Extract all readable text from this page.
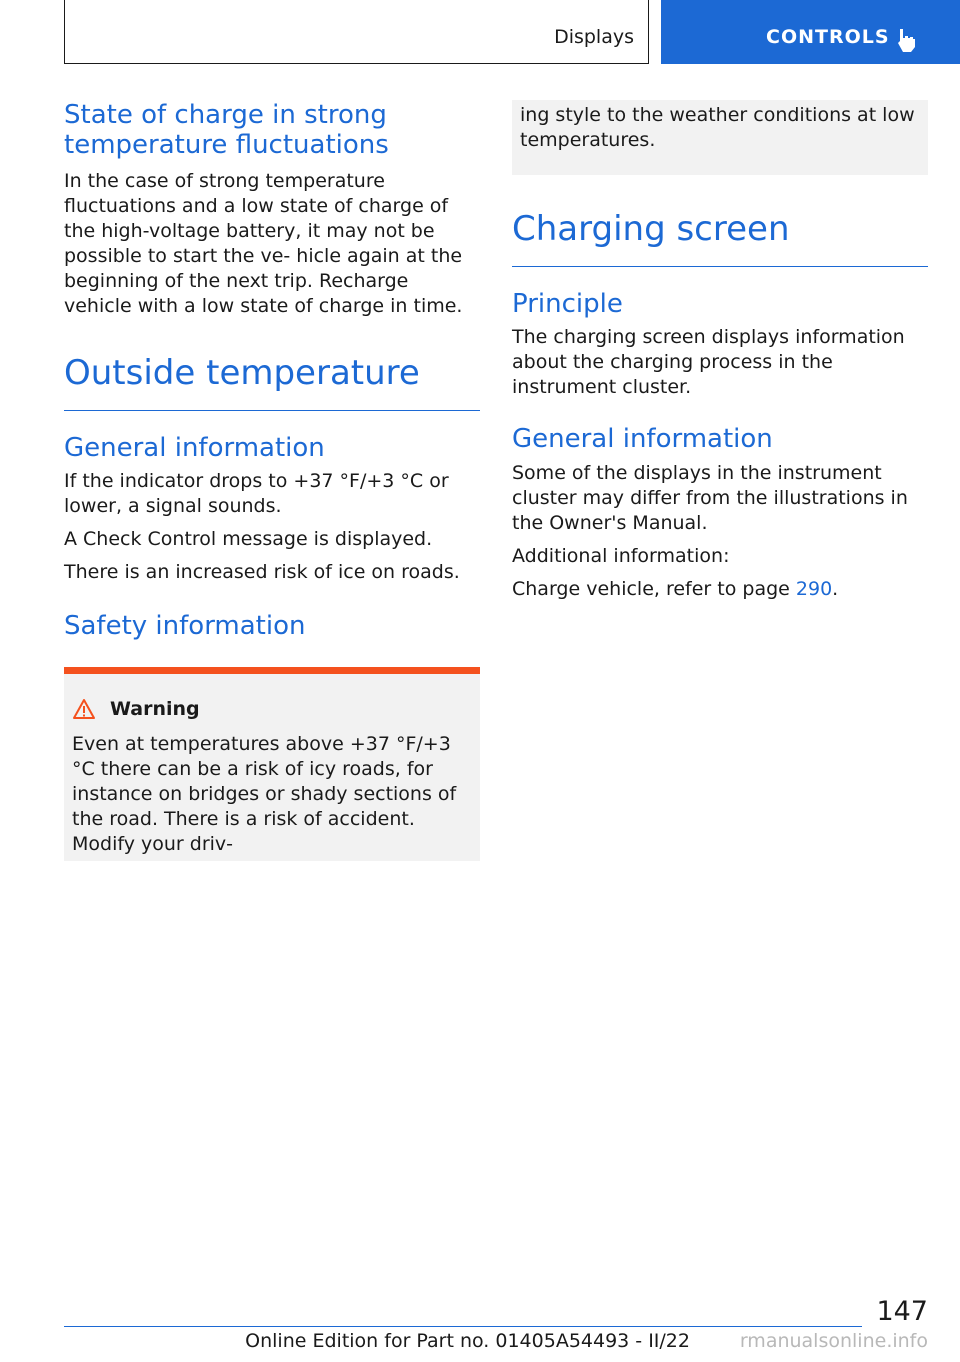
Displays	CONTROLS
State of charge in strong
temperature fluctuations

In the case of strong temperature fluctuations and a low state of charge of the high-voltage battery, it may not be possible to start the ve‐ hicle again at the beginning of the next trip. Recharge vehicle with a low state of charge in time.

Outside temperature
General information

If the indicator drops to +37 °F/+3 °C or lower, a signal sounds.

A Check Control message is displayed.

There is an increased risk of ice on roads.

Safety information
Warning

Even at temperatures above +37 °F/+3 °C there can be a risk of icy roads, for instance on bridges or shady sections of the road. There is a risk of accident. Modify your driv‐

ing style to the weather conditions at low temperatures.

Charging screen
Principle

The charging screen displays information about the charging process in the instrument cluster.

General information

Some of the displays in the instrument cluster may differ from the illustrations in the Owner's Manual.

Additional information:

Charge vehicle, refer to page 290.

147
Online Edition for Part no. 01405A54493 - II/22	rmanualsonline.info
